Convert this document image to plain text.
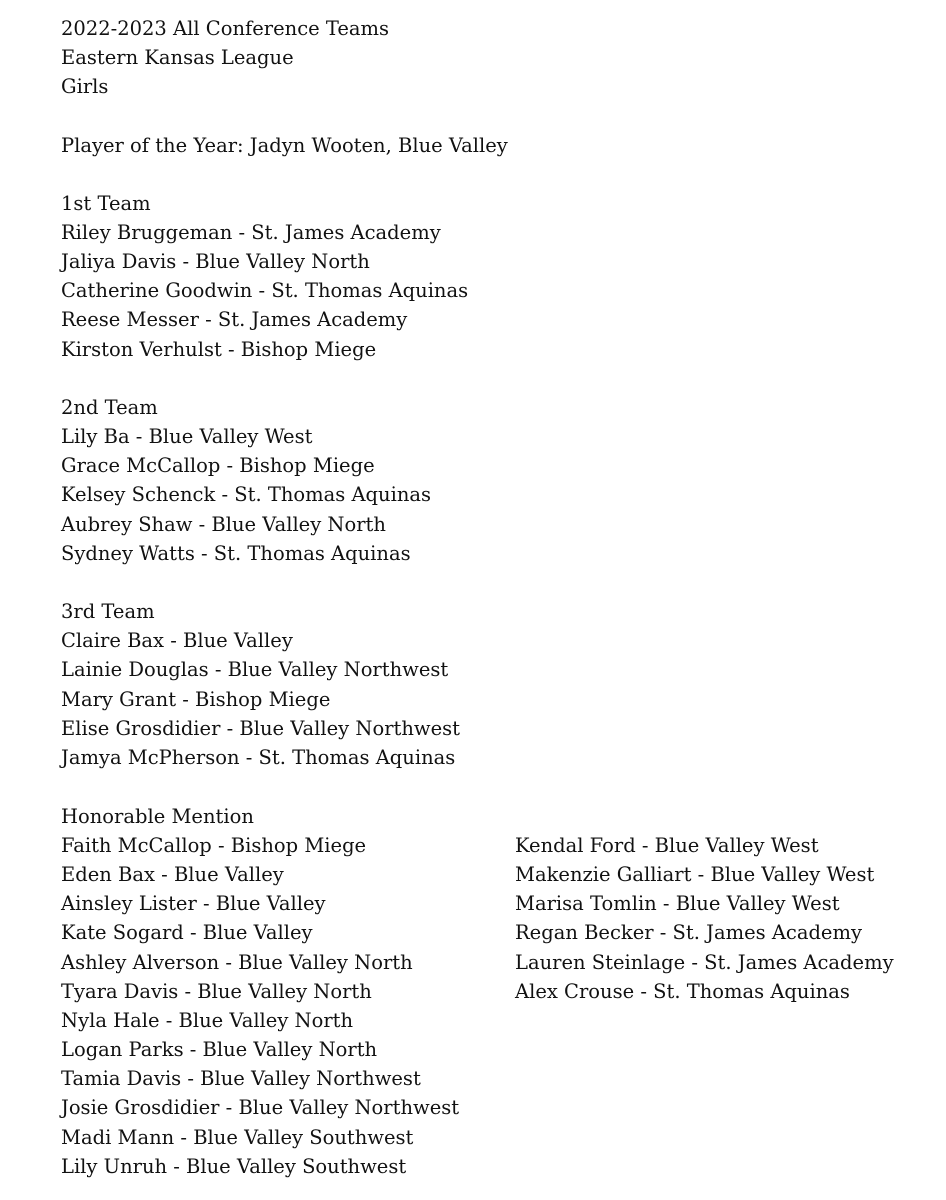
2022-2023 All Conference Teams
Eastern Kansas League
Girls
Player of the Year: Jadyn Wooten, Blue Valley
1st Team
Riley Bruggeman - St. James Academy
Jaliya Davis - Blue Valley North
Catherine Goodwin - St. Thomas Aquinas
Reese Messer - St. James Academy
Kirston Verhulst - Bishop Miege
2nd Team
Lily Ba - Blue Valley West
Grace McCallop - Bishop Miege
Kelsey Schenck - St. Thomas Aquinas
Aubrey Shaw - Blue Valley North
Sydney Watts - St. Thomas Aquinas
3rd Team
Claire Bax - Blue Valley
Lainie Douglas - Blue Valley Northwest
Mary Grant - Bishop Miege
Elise Grosdidier - Blue Valley Northwest
Jamya McPherson - St. Thomas Aquinas
Honorable Mention
Faith McCallop - Bishop Miege
Eden Bax - Blue Valley
Ainsley Lister - Blue Valley
Kate Sogard - Blue Valley
Ashley Alverson - Blue Valley North
Tyara Davis - Blue Valley North
Nyla Hale - Blue Valley North
Logan Parks - Blue Valley North
Tamia Davis - Blue Valley Northwest
Josie Grosdidier - Blue Valley Northwest
Madi Mann - Blue Valley Southwest
Lily Unruh - Blue Valley Southwest
Kendal Ford - Blue Valley West
Makenzie Galliart - Blue Valley West
Marisa Tomlin - Blue Valley West
Regan Becker - St. James Academy
Lauren Steinlage - St. James Academy
Alex Crouse - St. Thomas Aquinas
